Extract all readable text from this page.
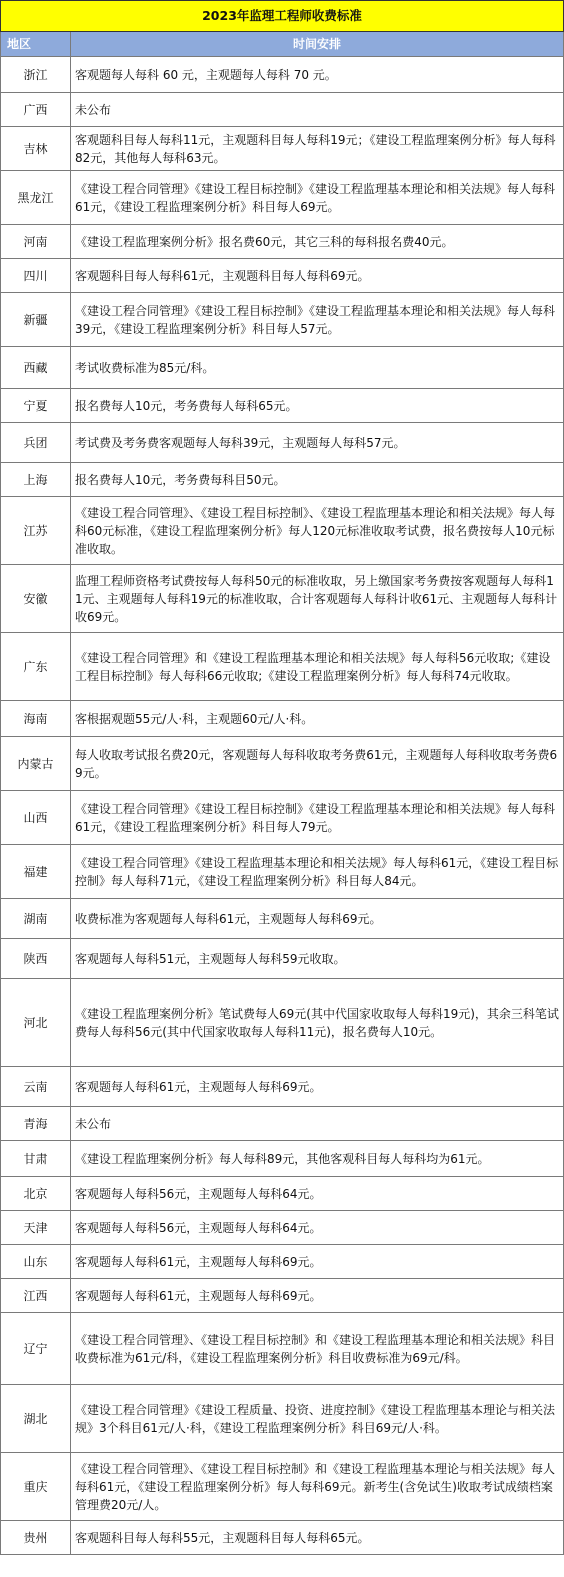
2023年监理工程师收费标准	
地区	时间安排
浙江	客观题每人每科 60 元，主观题每人每科 70 元。
广西	未公布
吉林	客观题科目每人每科11元，主观题科目每人每科19元；《建设工程监理案例分析》每人每科82元，其他每人每科63元。
黑龙江	《建设工程合同管理》《建设工程目标控制》《建设工程监理基本理论和相关法规》每人每科61元，《建设工程监理案例分析》科目每人69元。
河南	《建设工程监理案例分析》报名费60元，其它三科的每科报名费40元。
四川	客观题科目每人每科61元，主观题科目每人每科69元。
新疆	《建设工程合同管理》《建设工程目标控制》《建设工程监理基本理论和相关法规》每人每科39元，《建设工程监理案例分析》科目每人57元。
西藏	考试收费标准为85元/科。
宁夏	报名费每人10元，考务费每人每科65元。
兵团	考试费及考务费客观题每人每科39元，主观题每人每科57元。
上海	报名费每人10元，考务费每科目50元。
江苏	《建设工程合同管理》、《建设工程目标控制》、《建设工程监理基本理论和相关法规》每人每科60元标准，《建设工程监理案例分析》每人120元标准收取考试费，报名费按每人10元标准收取。
安徽	监理工程师资格考试费按每人每科50元的标准收取，另上缴国家考务费按客观题每人每科11元、主观题每人每科19元的标准收取，合计客观题每人每科计收61元、主观题每人每科计收69元。
广东	《建设工程合同管理》和《建设工程监理基本理论和相关法规》每人每科56元收取;《建设工程目标控制》每人每科66元收取;《建设工程监理案例分析》每人每科74元收取。
海南	客根据观题55元/人·科，主观题60元/人·科。
内蒙古	每人收取考试报名费20元，客观题每人每科收取考务费61元，主观题每人每科收取考务费69元。
山西	《建设工程合同管理》《建设工程目标控制》《建设工程监理基本理论和相关法规》每人每科61元，《建设工程监理案例分析》科目每人79元。
福建	《建设工程合同管理》《建设工程监理基本理论和相关法规》每人每科61元，《建设工程目标控制》每人每科71元，《建设工程监理案例分析》科目每人84元。
湖南	收费标准为客观题每人每科61元，主观题每人每科69元。
陕西	客观题每人每科51元，主观题每人每科59元收取。
河北	《建设工程监理案例分析》笔试费每人69元(其中代国家收取每人每科19元)，其余三科笔试费每人每科56元(其中代国家收取每人每科11元)，报名费每人10元。
云南	客观题每人每科61元，主观题每人每科69元。
青海	未公布
甘肃	《建设工程监理案例分析》每人每科89元，其他客观科目每人每科均为61元。
北京	客观题每人每科56元，主观题每人每科64元。
天津	客观题每人每科56元，主观题每人每科64元。
山东	客观题每人每科61元，主观题每人每科69元。
江西	客观题每人每科61元，主观题每人每科69元。
辽宁	《建设工程合同管理》、《建设工程目标控制》和《建设工程监理基本理论和相关法规》科目收费标准为61元/科，《建设工程监理案例分析》科目收费标准为69元/科。
湖北	《建设工程合同管理》《建设工程质量、投资、进度控制》《建设工程监理基本理论与相关法规》3个科目61元/人·科，《建设工程监理案例分析》科目69元/人·科。
重庆	《建设工程合同管理》、《建设工程目标控制》和《建设工程监理基本理论与相关法规》每人每科61元，《建设工程监理案例分析》每人每科69元。新考生(含免试生)收取考试成绩档案管理费20元/人。
贵州	客观题科目每人每科55元，主观题科目每人每科65元。
